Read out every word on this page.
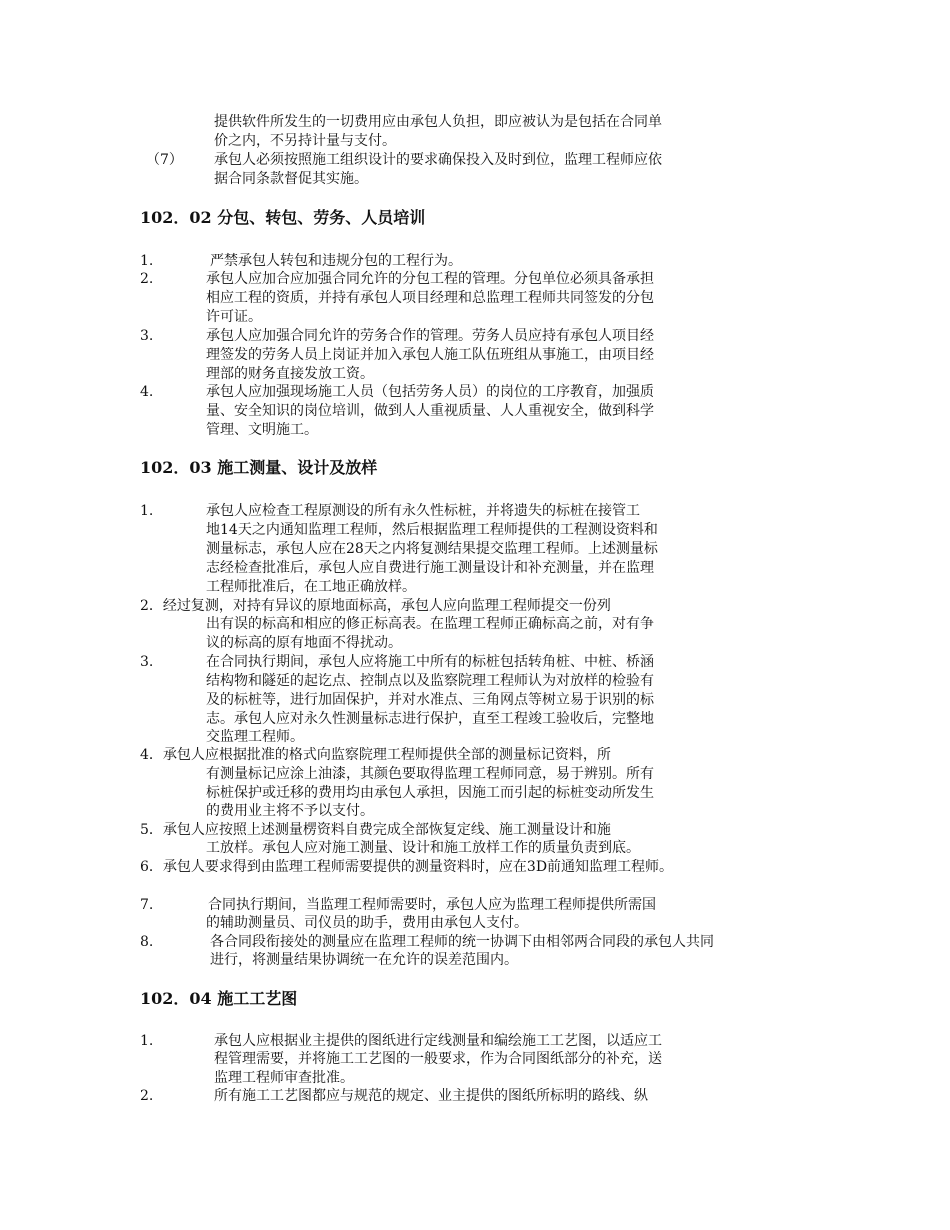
提供软件所发生的一切费用应由承包人负担，即应被认为是包括在合同单
价之内，不另持计量与支付。
（7） 承包人必须按照施工组织设计的要求确保投入及时到位，监理工程师应依
据合同条款督促其实施。
102．02 分包、转包、劳务、人员培训
1.	严禁承包人转包和违规分包的工程行为。
2.	承包人应加合应加强合同允许的分包工程的管理。分包单位必须具备承担
相应工程的资质，并持有承包人项目经理和总监理工程师共同签发的分包
许可证。
3.	承包人应加强合同允许的劳务合作的管理。劳务人员应持有承包人项目经
理签发的劳务人员上岗证并加入承包人施工队伍班组从事施工，由项目经
理部的财务直接发放工资。
4.	承包人应加强现场施工人员（包括劳务人员）的岗位的工序教育，加强质
量、安全知识的岗位培训，做到人人重视质量、人人重视安全，做到科学
管理、文明施工。
102．03 施工测量、设计及放样
1.	承包人应检查工程原测设的所有永久性标桩，并将遗失的标桩在接管工
地14天之内通知监理工程师，然后根据监理工程师提供的工程测设资料和
测量标志，承包人应在28天之内将复测结果提交监理工程师。上述测量标
志经检查批准后，承包人应自费进行施工测量设计和补充测量，并在监理
工程师批准后，在工地正确放样。
2．经过复测，对持有异议的原地面标高，承包人应向监理工程师提交一份列
出有误的标高和相应的修正标高表。在监理工程师正确标高之前，对有争
议的标高的原有地面不得扰动。
3.	在合同执行期间，承包人应将施工中所有的标桩包括转角桩、中桩、桥涵
结构物和隧延的起讫点、控制点以及监察院理工程师认为对放样的检验有
及的标桩等，进行加固保护，并对水准点、三角网点等树立易于识别的标
志。承包人应对永久性测量标志进行保护，直至工程竣工验收后，完整地
交监理工程师。
4．承包人应根据批准的格式向监察院理工程师提供全部的测量标记资料，所
有测量标记应涂上油漆，其颜色要取得监理工程师同意，易于辨别。所有
标桩保护或迁移的费用均由承包人承担，因施工而引起的标桩变动所发生
的费用业主将不予以支付。
5．承包人应按照上述测量楞资料自费完成全部恢复定线、施工测量设计和施
工放样。承包人应对施工测量、设计和施工放样工作的质量负责到底。
6．承包人要求得到由监理工程师需要提供的测量资料时，应在3D前通知监理工程师。
7.	合同执行期间，当监理工程师需要时，承包人应为监理工程师提供所需国
的辅助测量员、司仪员的助手，费用由承包人支付。
8.	各合同段衔接处的测量应在监理工程师的统一协调下由相邻两合同段的承包人共同
进行，将测量结果协调统一在允许的误差范围内。
102．04 施工工艺图
1.	承包人应根据业主提供的图纸进行定线测量和编绘施工工艺图，以适应工
程管理需要，并将施工工艺图的一般要求，作为合同图纸部分的补充，送
监理工程师审查批准。
2.	所有施工工艺图都应与规范的规定、业主提供的图纸所标明的路线、纵
